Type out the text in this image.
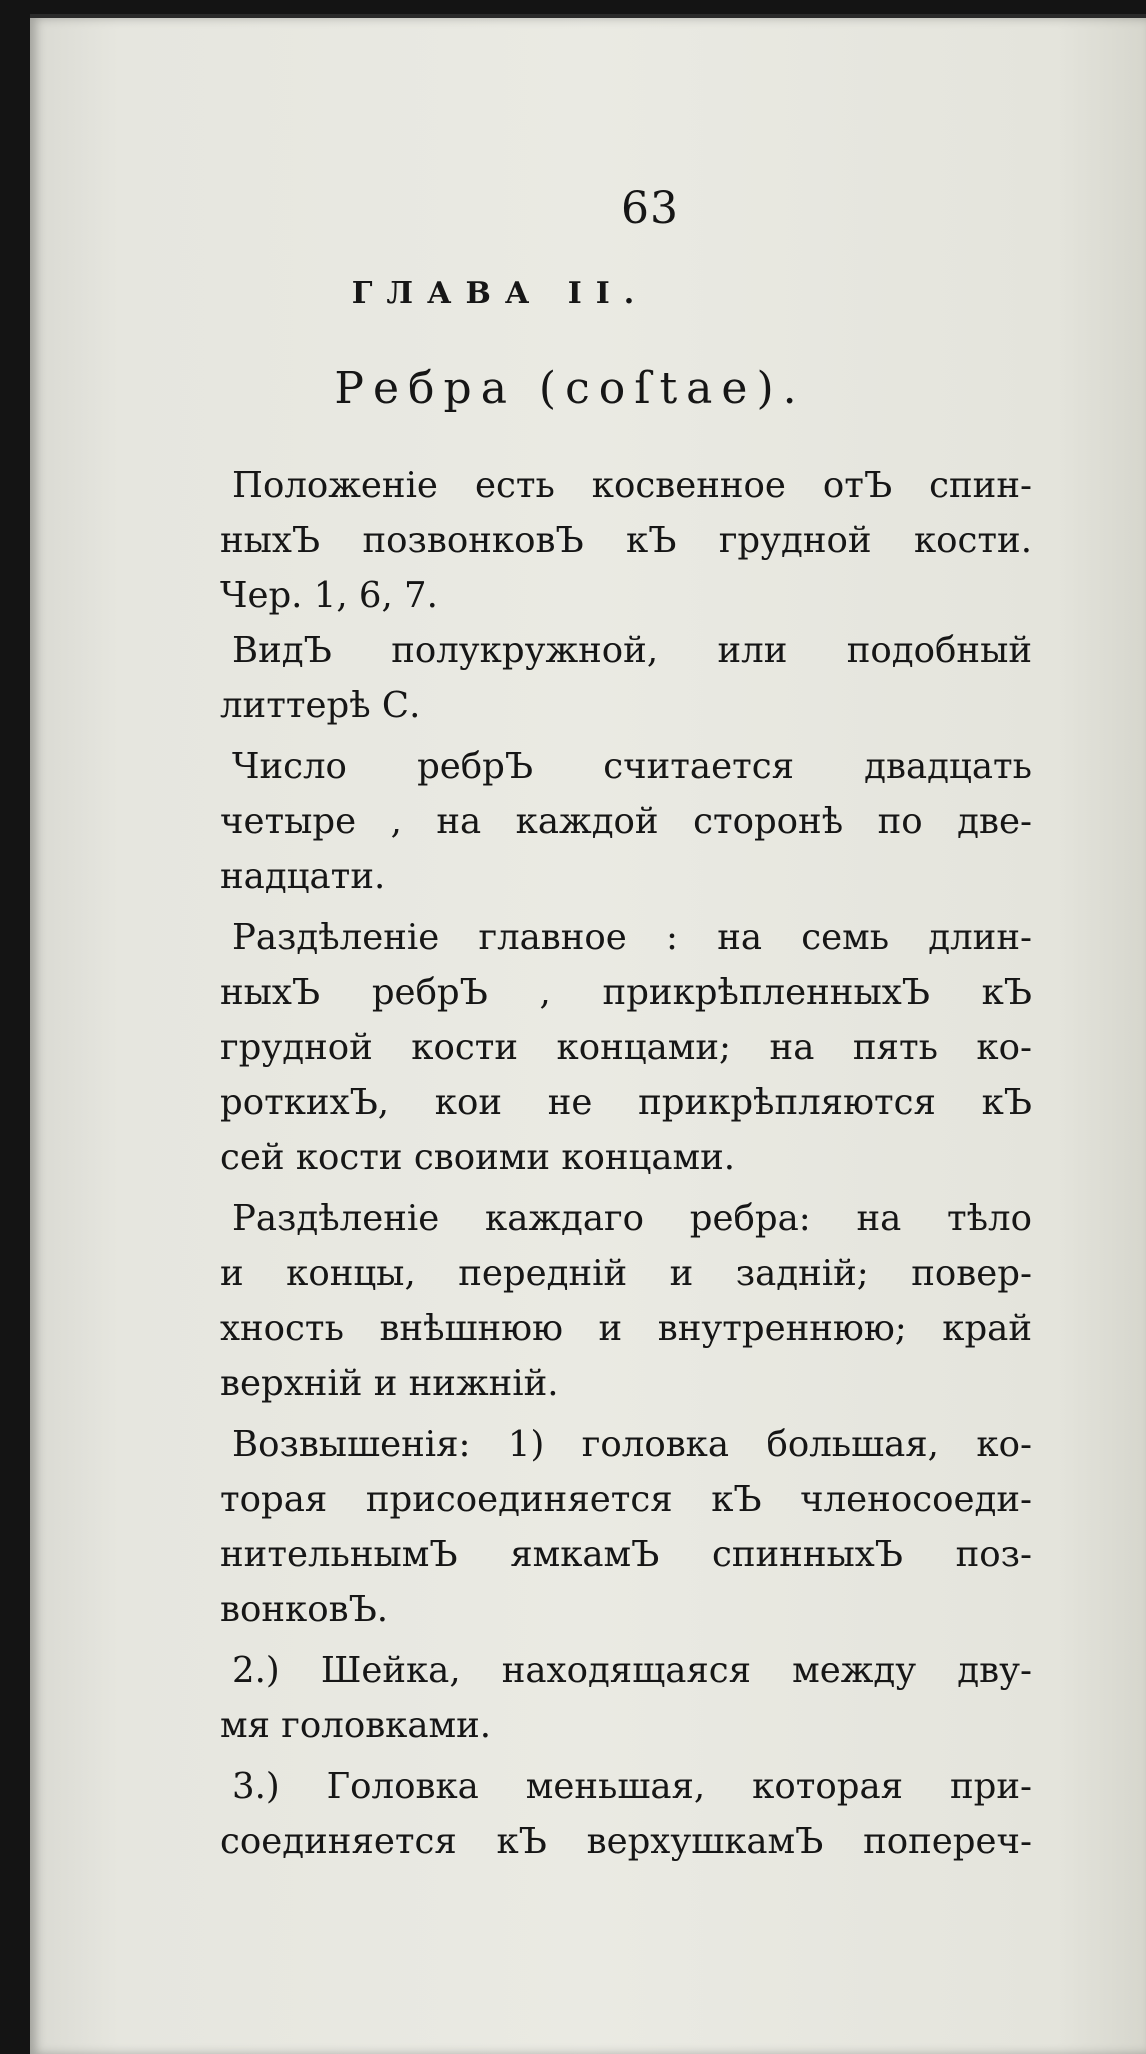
63
ГЛАВА II.
Ребра (coſtae).
Положеніе есть косвенное отЪ спин-
ныхЪ позвонковЪ кЪ грудной кости.
Чер. 1, 6, 7.
ВидЪ полукружной, или подобный
литтерѣ С.
Число ребрЪ считается двадцать
четыре , на каждой сторонѣ по две-
надцати.
Раздѣленіе главное : на семь длин-
ныхЪ ребрЪ , прикрѣпленныхЪ кЪ
грудной кости концами; на пять ко-
роткихЪ, кои не прикрѣпляются кЪ
сей кости своими концами.
Раздѣленіе каждаго ребра: на тѣло
и концы, передній и задній; повер-
хность внѣшнюю и внутреннюю; край
верхній и нижній.
Возвышенія: 1) головка большая, ко-
торая присоединяется кЪ членосоеди-
нительнымЪ ямкамЪ спинныхЪ поз-
вонковЪ.
2.) Шейка, находящаяся между дву-
мя головками.
3.) Головка меньшая, которая при-
соединяется кЪ верхушкамЪ попереч-
